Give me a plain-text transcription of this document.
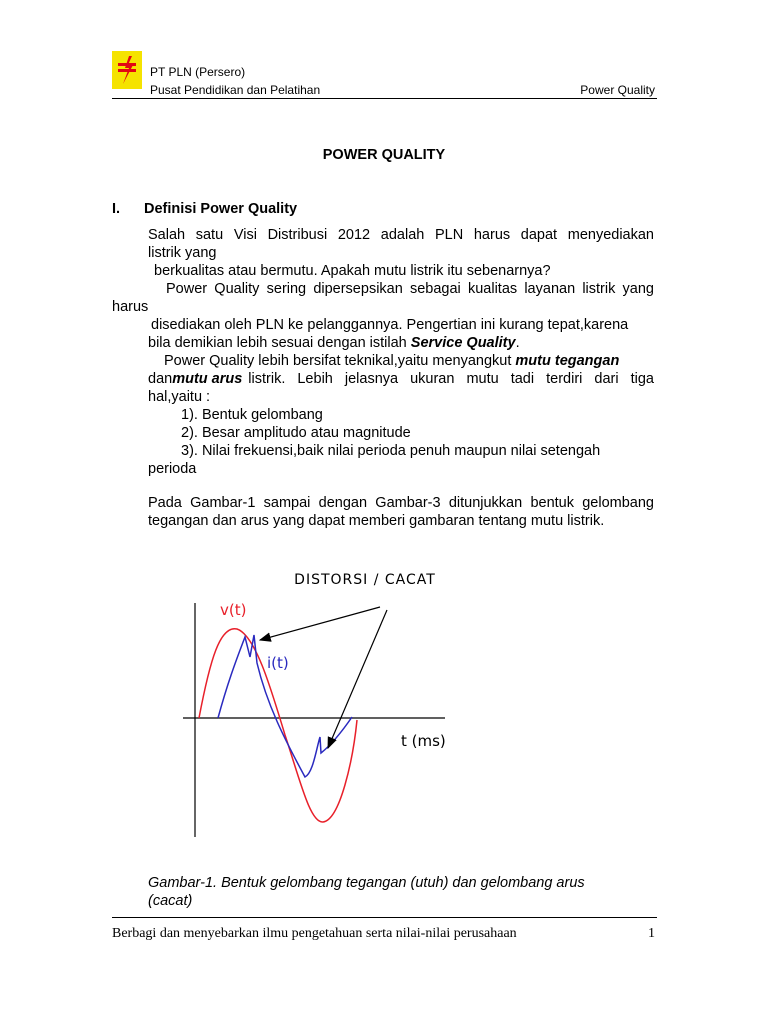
PT PLN (Persero)
Pusat Pendidikan dan Pelatihan	Power Quality
POWER QUALITY
I. Definisi Power Quality
Salah satu Visi Distribusi 2012 adalah PLN harus dapat menyediakan
listrik yang
berkualitas atau bermutu. Apakah mutu listrik itu sebenarnya?
Power Quality sering dipersepsikan sebagai kualitas layanan listrik yang
harus
disediakan oleh PLN ke pelanggannya. Pengertian ini kurang tepat,karena
bila demikian lebih sesuai dengan istilah Service Quality.
Power Quality lebih bersifat teknikal,yaitu menyangkut mutu tegangan
dan mutu arus listrik. Lebih jelasnya ukuran mutu tadi terdiri dari tiga
hal,yaitu :
1). Bentuk gelombang
2). Besar amplitudo atau magnitude
3). Nilai frekuensi,baik nilai perioda penuh maupun nilai setengah
perioda
Pada Gambar-1 sampai dengan Gambar-3 ditunjukkan bentuk gelombang
tegangan dan arus yang dapat memberi gambaran tentang mutu listrik.
DISTORSI / CACAT
v(t)
i(t)
t (ms)
Gambar-1. Bentuk gelombang tegangan (utuh) dan gelombang arus
(cacat)
Berbagi dan menyebarkan ilmu pengetahuan serta nilai-nilai perusahaan	1
